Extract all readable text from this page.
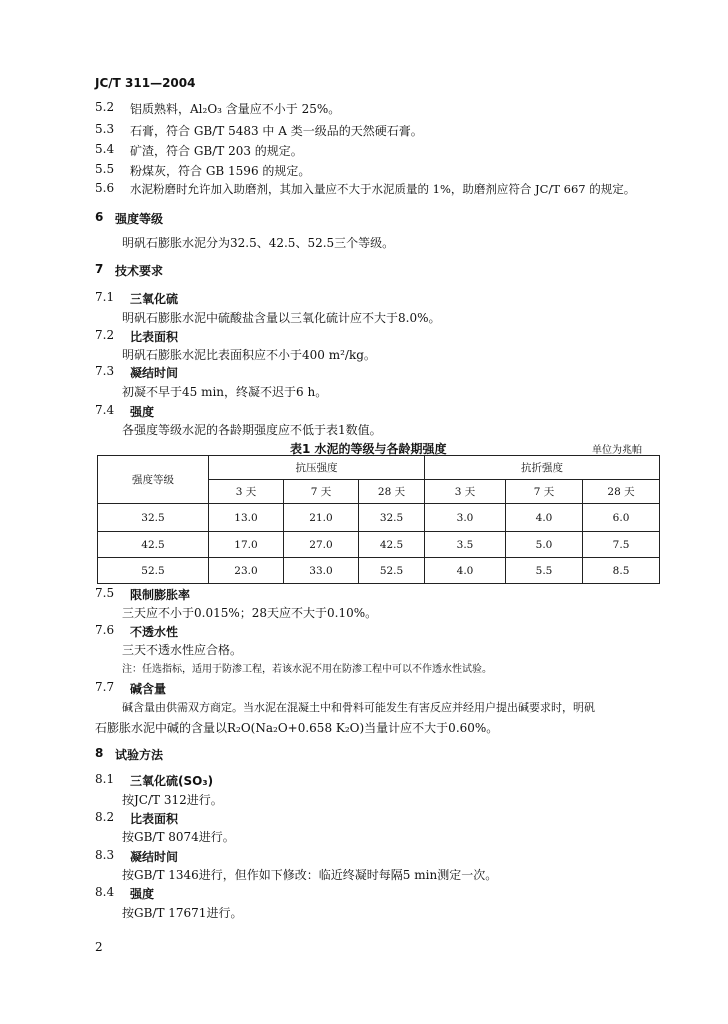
JC/T 311—2004
5.2 铝质熟料，Al₂O₃ 含量应不小于 25%。
5.3 石膏，符合 GB/T 5483 中 A 类一级品的天然硬石膏。
5.4 矿渣，符合 GB/T 203 的规定。
5.5 粉煤灰，符合 GB 1596 的规定。
5.6 水泥粉磨时允许加入助磨剂，其加入量应不大于水泥质量的 1%，助磨剂应符合 JC/T 667 的规定。
6 强度等级
明矾石膨胀水泥分为32.5、42.5、52.5三个等级。
7 技术要求
7.1 三氧化硫
明矾石膨胀水泥中硫酸盐含量以三氧化硫计应不大于8.0%。
7.2 比表面积
明矾石膨胀水泥比表面积应不小于400 m²/kg。
7.3 凝结时间
初凝不早于45 min，终凝不迟于6 h。
7.4 强度
各强度等级水泥的各龄期强度应不低于表1数值。
表1 水泥的等级与各龄期强度	单位为兆帕
强度等级	抗压强度			抗折强度		
	3 天	7 天	28 天	3 天	7 天	28 天
32.5	13.0	21.0	32.5	3.0	4.0	6.0
42.5	17.0	27.0	42.5	3.5	5.0	7.5
52.5	23.0	33.0	52.5	4.0	5.5	8.5
7.5 限制膨胀率
三天应不小于0.015%；28天应不大于0.10%。
7.6 不透水性
三天不透水性应合格。
注：任选指标，适用于防渗工程，若该水泥不用在防渗工程中可以不作透水性试验。
7.7 碱含量
碱含量由供需双方商定。当水泥在混凝土中和骨料可能发生有害反应并经用户提出碱要求时，明矾
石膨胀水泥中碱的含量以R₂O(Na₂O+0.658 K₂O)当量计应不大于0.60%。
8 试验方法
8.1 三氧化硫(SO₃)
按JC/T 312进行。
8.2 比表面积
按GB/T 8074进行。
8.3 凝结时间
按GB/T 1346进行，但作如下修改：临近终凝时每隔5 min测定一次。
8.4 强度
按GB/T 17671进行。
2
